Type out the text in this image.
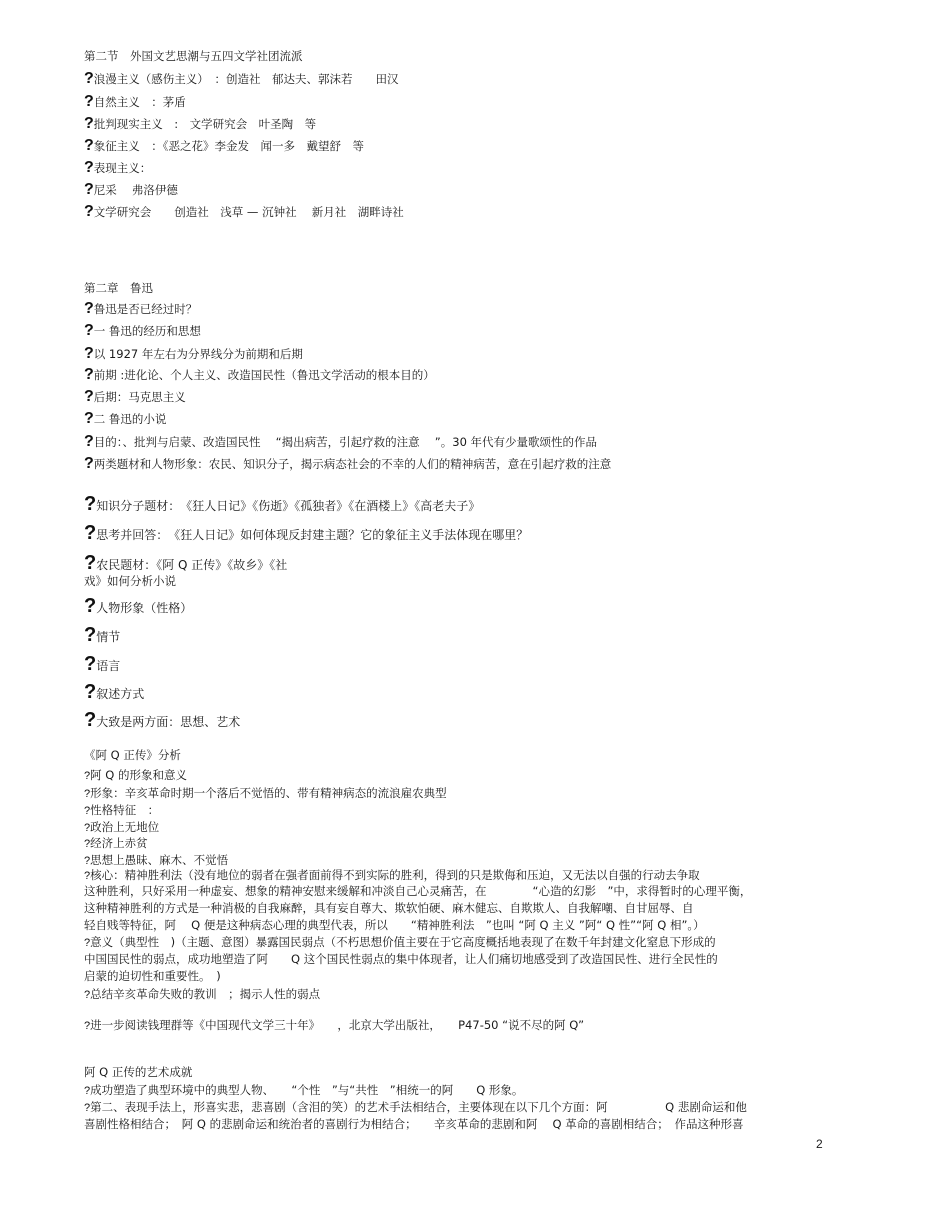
第二节　外国文艺思潮与五四文学社团流派
?浪漫主义（感伤主义）　：创造社　郁达夫、郭沫若　　田汉
?自然主义　：茅盾
?批判现实主义　:　文学研究会　叶圣陶　等
?象征主义　：《恶之花》李金发　闻一多　戴望舒　等
?表现主义：
?尼采　 弗洛伊德
?文学研究会　　创造社　浅草 — 沉钟社　 新月社　湖畔诗社
第二章　鲁迅
?鲁迅是否已经过时？
?一 鲁迅的经历和思想
?以 1927 年左右为分界线分为前期和后期
?前期 :进化论、个人主义、改造国民性（鲁迅文学活动的根本目的）
?后期：马克思主义
?二 鲁迅的小说
?目的：、批判与启蒙、改造国民性　 “揭出病苦，引起疗救的注意　 ”。30 年代有少量歌颂性的作品
?两类题材和人物形象：农民、知识分子，揭示病态社会的不幸的人们的精神病苦，意在引起疗救的注意
?知识分子题材：　《狂人日记》《伤逝》《孤独者》《在酒楼上》《高老夫子》
?思考并回答：　《狂人日记》如何体现反封建主题？它的象征主义手法体现在哪里？
?农民题材：《阿 Q 正传》《故乡》《社
戏》如何分析小说
?人物形象（性格）
?情节
?语言
?叙述方式
?大致是两方面：思想、艺术
《阿 Q 正传》分析
?阿 Q 的形象和意义
?形象：辛亥革命时期一个落后不觉悟的、带有精神病态的流浪雇农典型
?性格特征　：
?政治上无地位
?经济上赤贫
?思想上愚昧、麻木、不觉悟
?核心：精神胜利法（没有地位的弱者在强者面前得不到实际的胜利，得到的只是欺侮和压迫，又无法以自强的行动去争取
这种胜利，只好采用一种虚妄、想象的精神安慰来缓解和冲淡自己心灵痛苦，在　　　　“心造的幻影　”中，求得暂时的心理平衡，
这种精神胜利的方式是一种消极的自我麻醉，具有妄自尊大、欺软怕硬、麻木健忘、自欺欺人、自我解嘲、自甘屈辱、自
轻自贱等特征，阿　 Q 便是这种病态心理的典型代表，所以　　“精神胜利法　”也叫 “阿 Q 主义 ”阿“ Q 性”“阿 Q 相”。）
?意义（典型性　)（主题、意图）暴露国民弱点（不朽思想价值主要在于它高度概括地表现了在数千年封建文化窒息下形成的
中国国民性的弱点，成功地塑造了阿　　Q 这个国民性弱点的集中体现者，让人们痛切地感受到了改造国民性、进行全民性的
启蒙的迫切性和重要性。　)
?总结辛亥革命失败的教训　；揭示人性的弱点
?进一步阅读钱理群等《中国现代文学三十年》　　，北京大学出版社，　　P47-50 “说不尽的阿 Q”
阿 Q 正传的艺术成就
?成功塑造了典型环境中的典型人物、　　“个性　”与“共性　”相统一的阿　　Q 形象。
?第二、表现手法上，形喜实悲，悲喜剧（含泪的笑）的艺术手法相结合，主要体现在以下几个方面：阿　　　　　Q 悲剧命运和他
喜剧性格相结合；　阿 Q 的悲剧命运和统治者的喜剧行为相结合；　　辛亥革命的悲剧和阿　 Q 革命的喜剧相结合；　作品这种形喜
2
